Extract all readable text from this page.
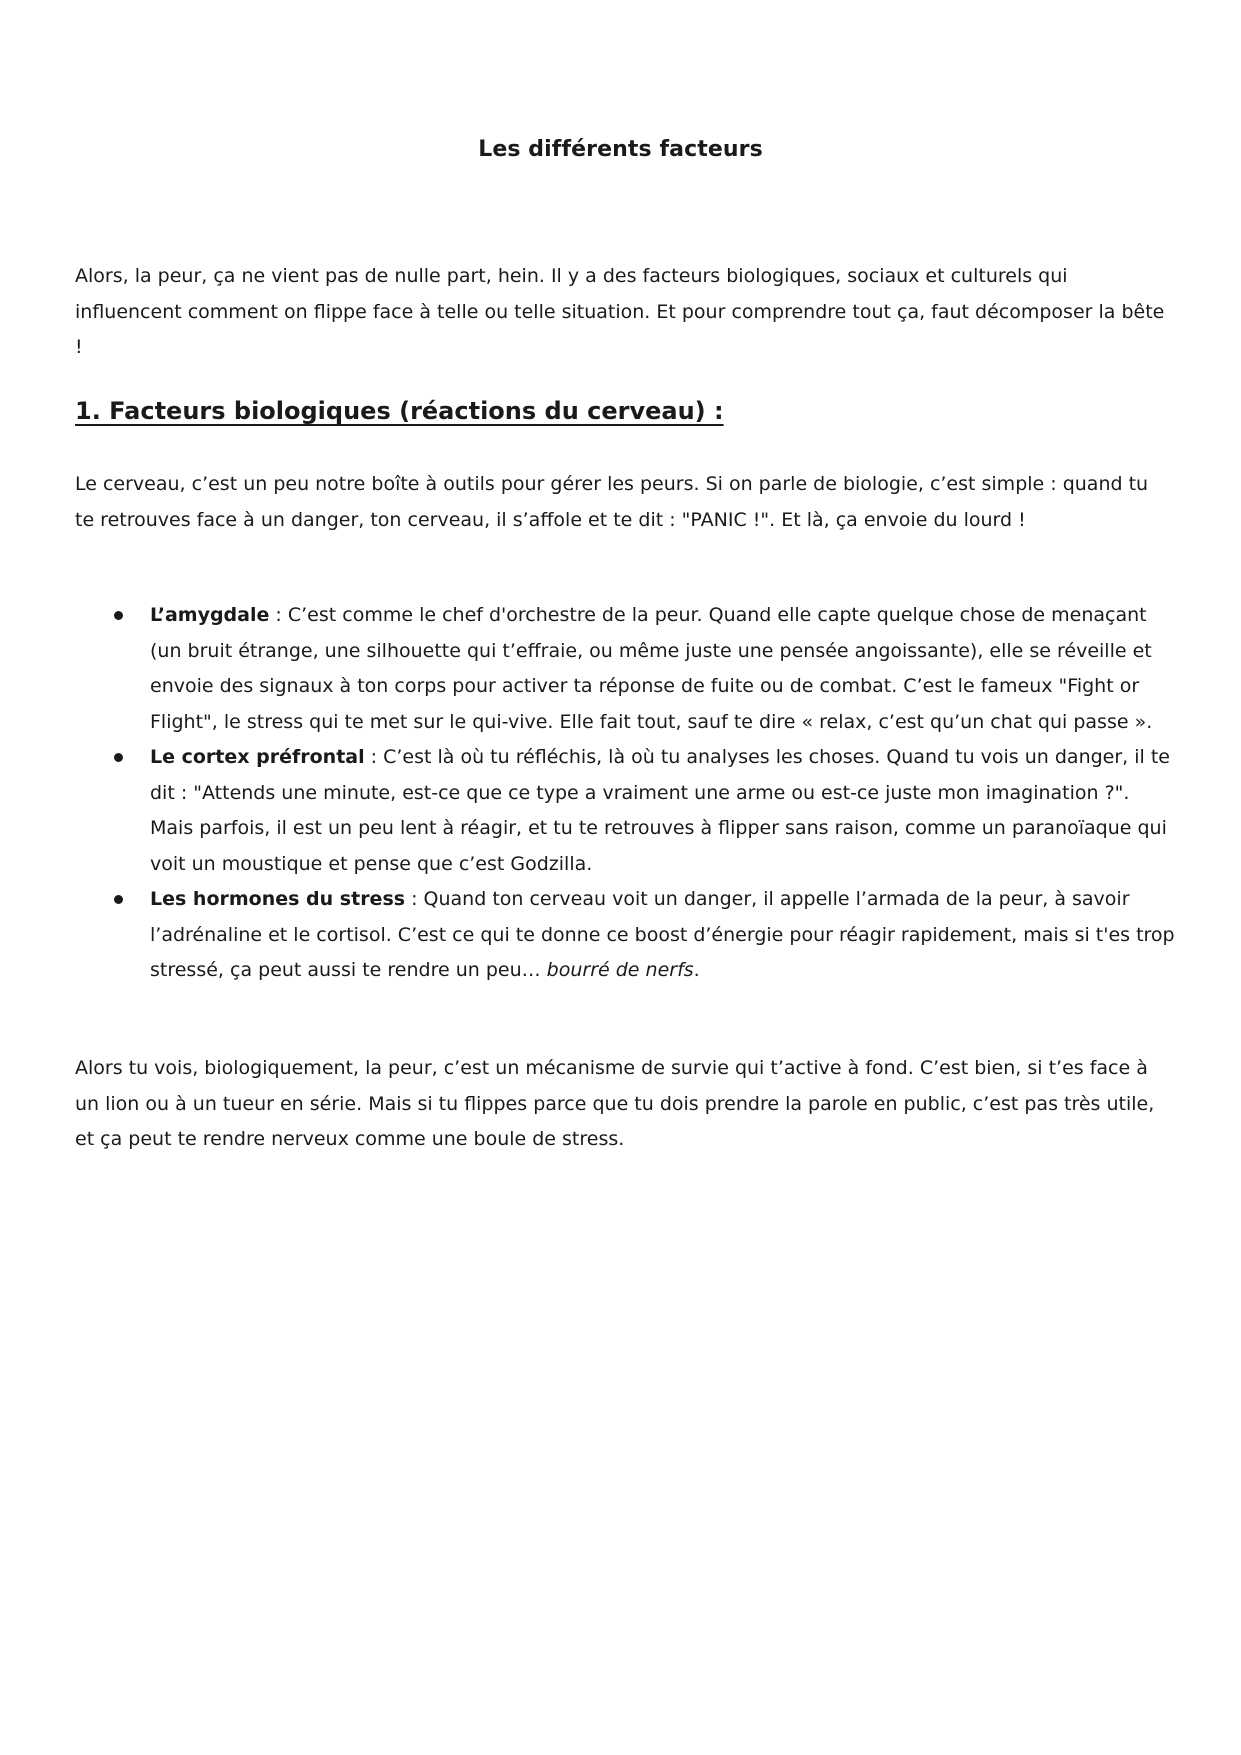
Les différents facteurs

Alors, la peur, ça ne vient pas de nulle part, hein. Il y a des facteurs biologiques, sociaux et culturels qui influencent comment on flippe face à telle ou telle situation. Et pour comprendre tout ça, faut décomposer la bête !

1. Facteurs biologiques (réactions du cerveau) :

Le cerveau, c’est un peu notre boîte à outils pour gérer les peurs. Si on parle de biologie, c’est simple : quand tu te retrouves face à un danger, ton cerveau, il s’affole et te dit : "PANIC !". Et là, ça envoie du lourd !

L’amygdale : C’est comme le chef d'orchestre de la peur. Quand elle capte quelque chose de menaçant (un bruit étrange, une silhouette qui t’effraie, ou même juste une pensée angoissante), elle se réveille et envoie des signaux à ton corps pour activer ta réponse de fuite ou de combat. C’est le fameux "Fight or Flight", le stress qui te met sur le qui-vive. Elle fait tout, sauf te dire « relax, c’est qu’un chat qui passe ».
Le cortex préfrontal : C’est là où tu réfléchis, là où tu analyses les choses. Quand tu vois un danger, il te dit : "Attends une minute, est-ce que ce type a vraiment une arme ou est-ce juste mon imagination ?". Mais parfois, il est un peu lent à réagir, et tu te retrouves à flipper sans raison, comme un paranoïaque qui voit un moustique et pense que c’est Godzilla.
Les hormones du stress : Quand ton cerveau voit un danger, il appelle l’armada de la peur, à savoir l’adrénaline et le cortisol. C’est ce qui te donne ce boost d’énergie pour réagir rapidement, mais si t'es trop stressé, ça peut aussi te rendre un peu… bourré de nerfs.

Alors tu vois, biologiquement, la peur, c’est un mécanisme de survie qui t’active à fond. C’est bien, si t’es face à un lion ou à un tueur en série. Mais si tu flippes parce que tu dois prendre la parole en public, c’est pas très utile, et ça peut te rendre nerveux comme une boule de stress.
